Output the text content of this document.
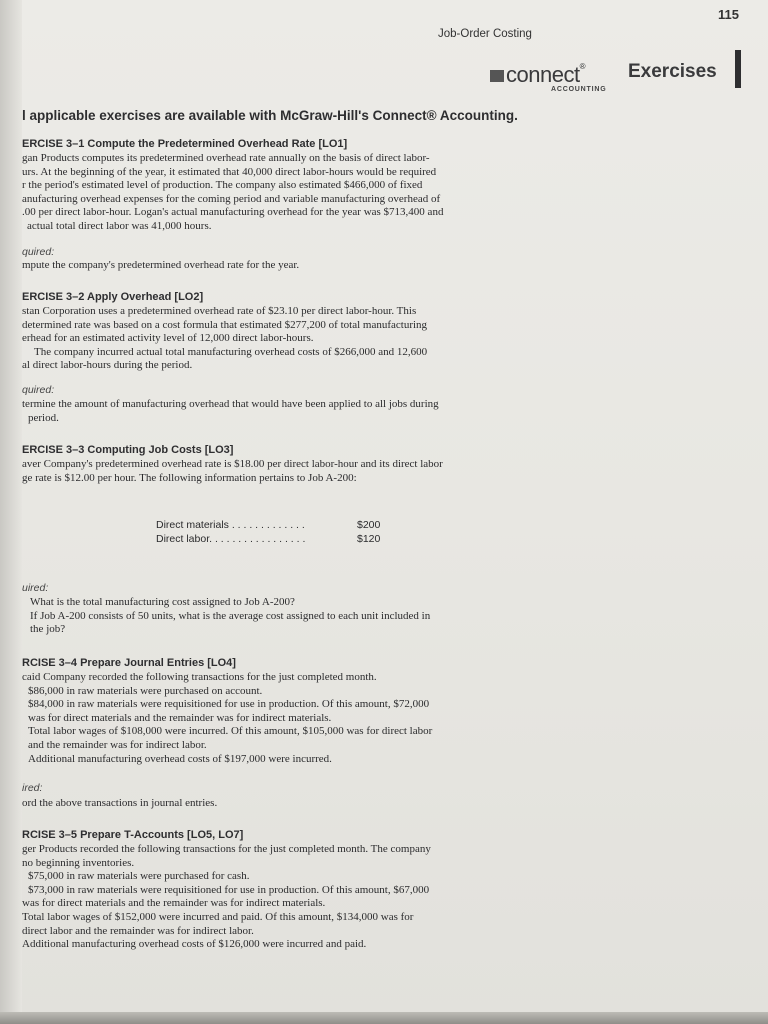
115
Job-Order Costing
connect®
ACCOUNTING
Exercises
l applicable exercises are available with McGraw-Hill's Connect® Accounting.
ERCISE 3–1 Compute the Predetermined Overhead Rate [LO1]
gan Products computes its predetermined overhead rate annually on the basis of direct labor-
urs. At the beginning of the year, it estimated that 40,000 direct labor-hours would be required
r the period's estimated level of production. The company also estimated $466,000 of fixed
anufacturing overhead expenses for the coming period and variable manufacturing overhead of
.00 per direct labor-hour. Logan's actual manufacturing overhead for the year was $713,400 and
actual total direct labor was 41,000 hours.
quired:
mpute the company's predetermined overhead rate for the year.
ERCISE 3–2 Apply Overhead [LO2]
stan Corporation uses a predetermined overhead rate of $23.10 per direct labor-hour. This
determined rate was based on a cost formula that estimated $277,200 of total manufacturing
erhead for an estimated activity level of 12,000 direct labor-hours.
The company incurred actual total manufacturing overhead costs of $266,000 and 12,600
al direct labor-hours during the period.
quired:
termine the amount of manufacturing overhead that would have been applied to all jobs during
period.
ERCISE 3–3 Computing Job Costs [LO3]
aver Company's predetermined overhead rate is $18.00 per direct labor-hour and its direct labor
ge rate is $12.00 per hour. The following information pertains to Job A-200:
Direct materials . . . . . . . . . . . . .	$200
Direct labor. . . . . . . . . . . . . . . . .	$120
uired:
What is the total manufacturing cost assigned to Job A-200?
If Job A-200 consists of 50 units, what is the average cost assigned to each unit included in
the job?
RCISE 3–4 Prepare Journal Entries [LO4]
caid Company recorded the following transactions for the just completed month.
$86,000 in raw materials were purchased on account.
$84,000 in raw materials were requisitioned for use in production. Of this amount, $72,000
was for direct materials and the remainder was for indirect materials.
Total labor wages of $108,000 were incurred. Of this amount, $105,000 was for direct labor
and the remainder was for indirect labor.
Additional manufacturing overhead costs of $197,000 were incurred.
ired:
ord the above transactions in journal entries.
RCISE 3–5 Prepare T-Accounts [LO5, LO7]
ger Products recorded the following transactions for the just completed month. The company
no beginning inventories.
$75,000 in raw materials were purchased for cash.
$73,000 in raw materials were requisitioned for use in production. Of this amount, $67,000
was for direct materials and the remainder was for indirect materials.
Total labor wages of $152,000 were incurred and paid. Of this amount, $134,000 was for
direct labor and the remainder was for indirect labor.
Additional manufacturing overhead costs of $126,000 were incurred and paid.
